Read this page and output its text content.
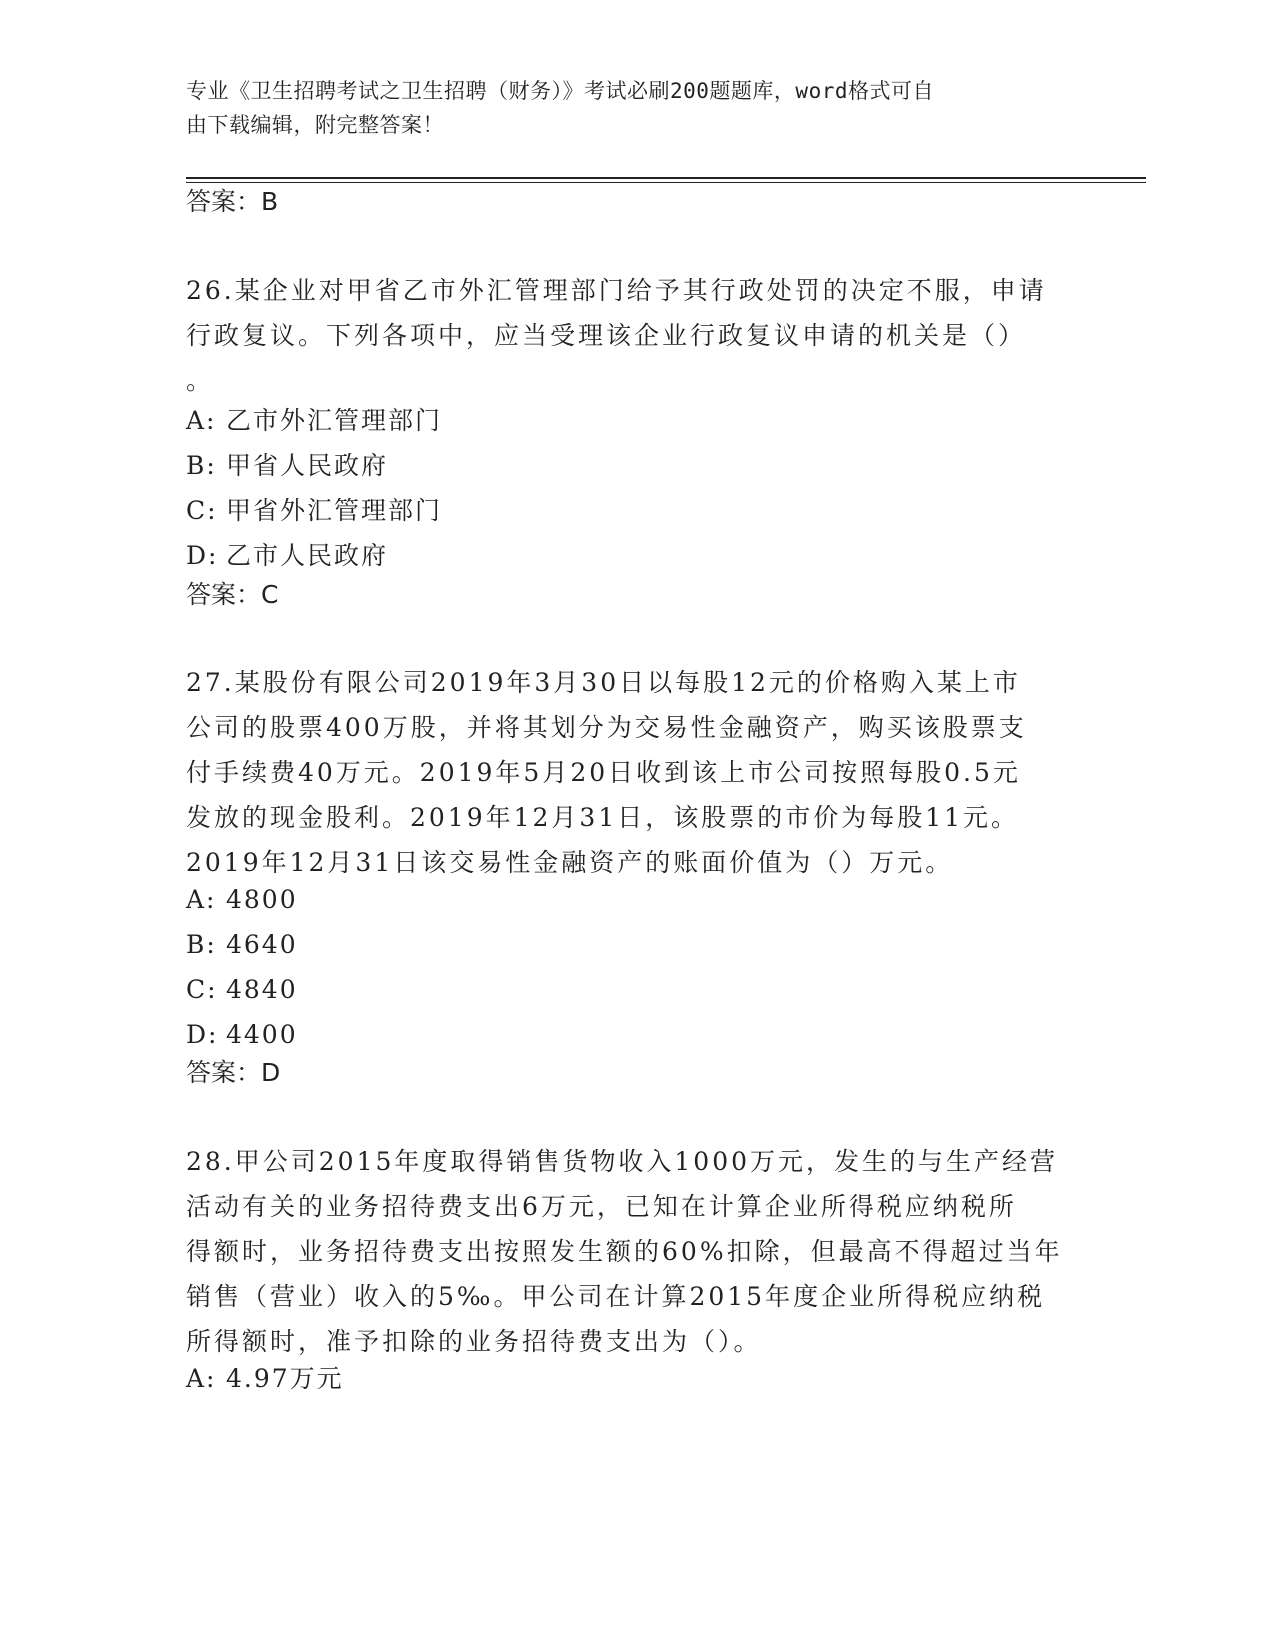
专业《卫生招聘考试之卫生招聘（财务）》考试必刷200题题库，word格式可自
由下载编辑，附完整答案！
答案：B
26.某企业对甲省乙市外汇管理部门给予其行政处罚的决定不服，申请
行政复议。下列各项中，应当受理该企业行政复议申请的机关是（）
。
A: 乙市外汇管理部门
B: 甲省人民政府
C: 甲省外汇管理部门
D: 乙市人民政府
答案：C
27.某股份有限公司2019年3月30日以每股12元的价格购入某上市
公司的股票400万股，并将其划分为交易性金融资产，购买该股票支
付手续费40万元。2019年5月20日收到该上市公司按照每股0.5元
发放的现金股利。2019年12月31日，该股票的市价为每股11元。
2019年12月31日该交易性金融资产的账面价值为（）万元。
A: 4800
B: 4640
C: 4840
D: 4400
答案：D
28.甲公司2015年度取得销售货物收入1000万元，发生的与生产经营
活动有关的业务招待费支出6万元，已知在计算企业所得税应纳税所
得额时，业务招待费支出按照发生额的60%扣除，但最高不得超过当年
销售（营业）收入的5‰。甲公司在计算2015年度企业所得税应纳税
所得额时，准予扣除的业务招待费支出为（）。
A: 4.97万元
